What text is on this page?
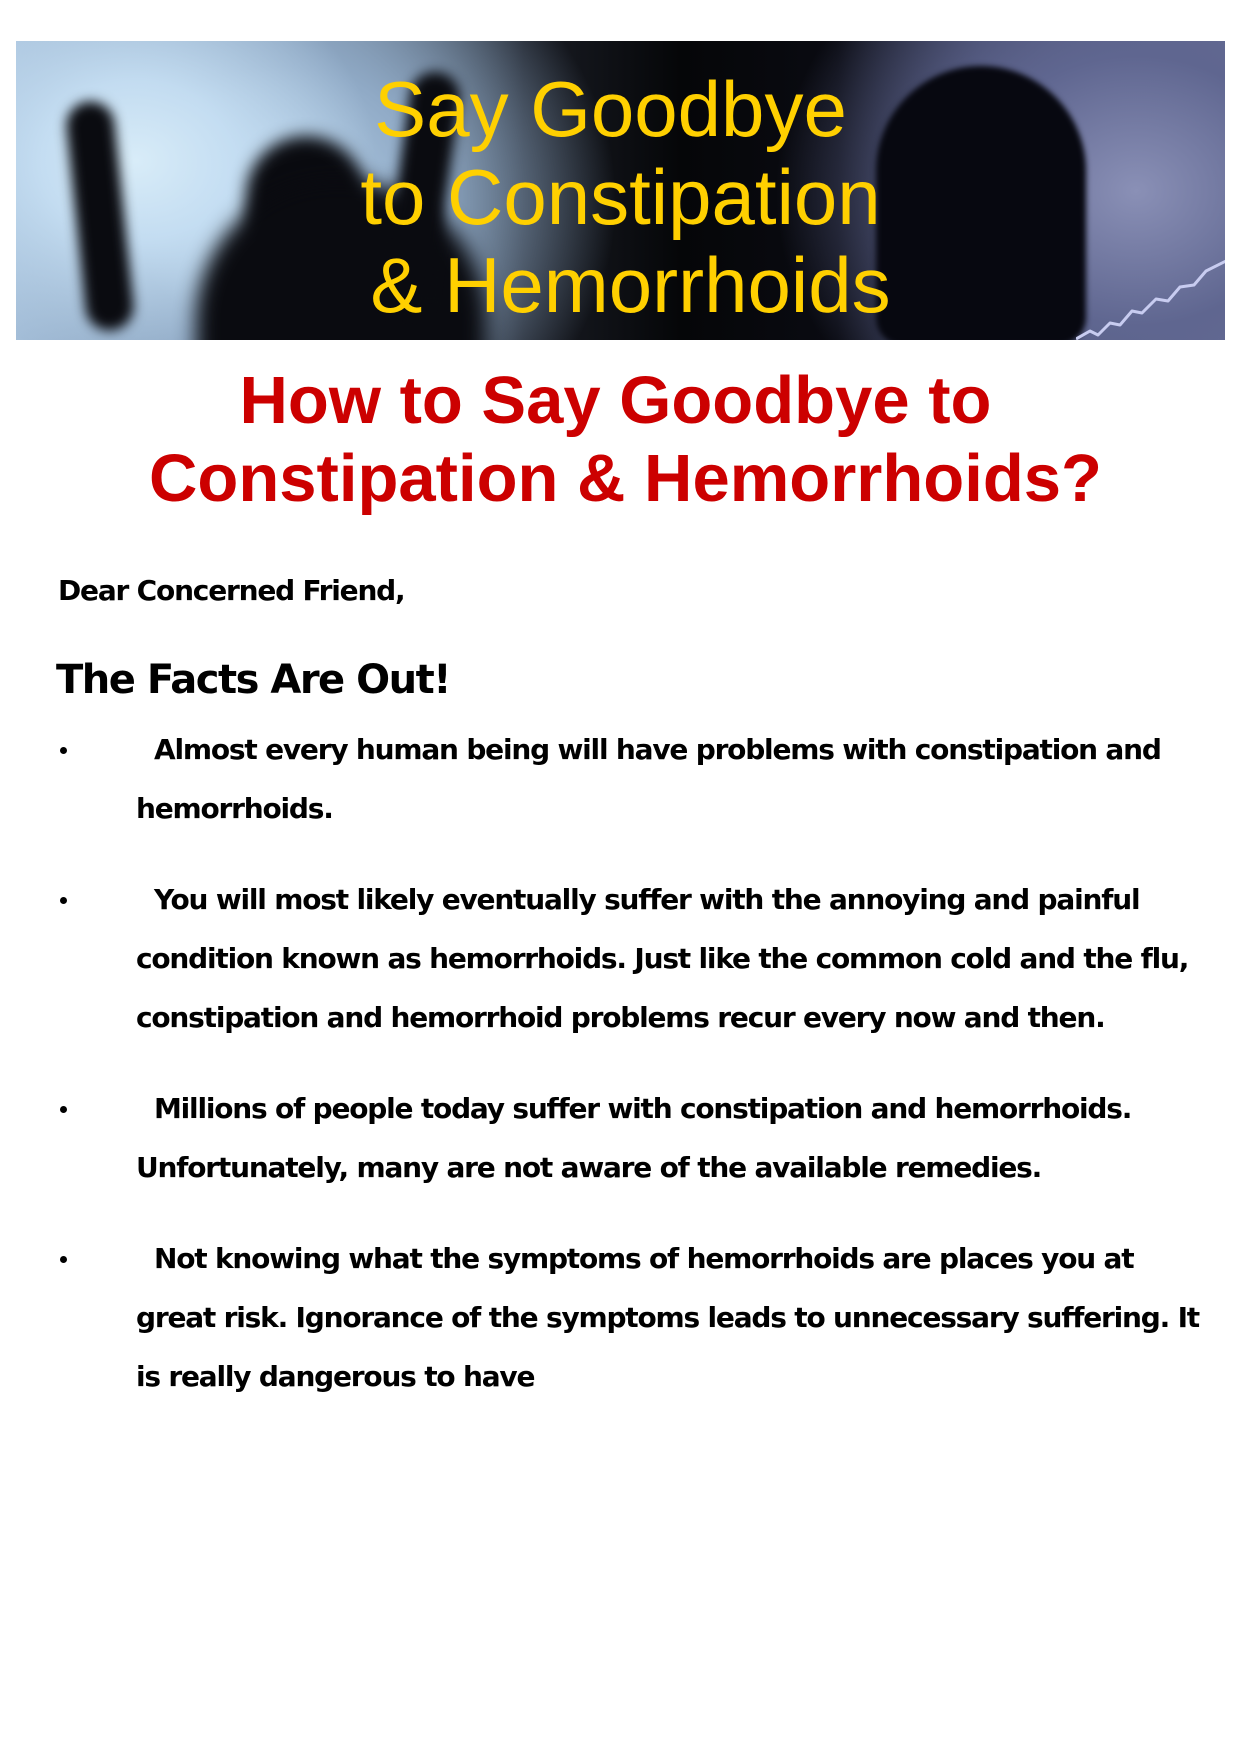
Say Goodbye
to Constipation
& Hemorrhoids
How to Say Goodbye to
Constipation & Hemorrhoids?

Dear Concerned Friend,

The Facts Are Out!
Almost every human being will have problems with constipation and hemorrhoids.
You will most likely eventually suffer with the annoying and painful condition known as hemorrhoids. Just like the common cold and the flu, constipation and hemorrhoid problems recur every now and then.
Millions of people today suffer with constipation and hemorrhoids. Unfortunately, many are not aware of the available remedies.
Not knowing what the symptoms of hemorrhoids are places you at great risk. Ignorance of the symptoms leads to unnecessary suffering. It is really dangerous to have
